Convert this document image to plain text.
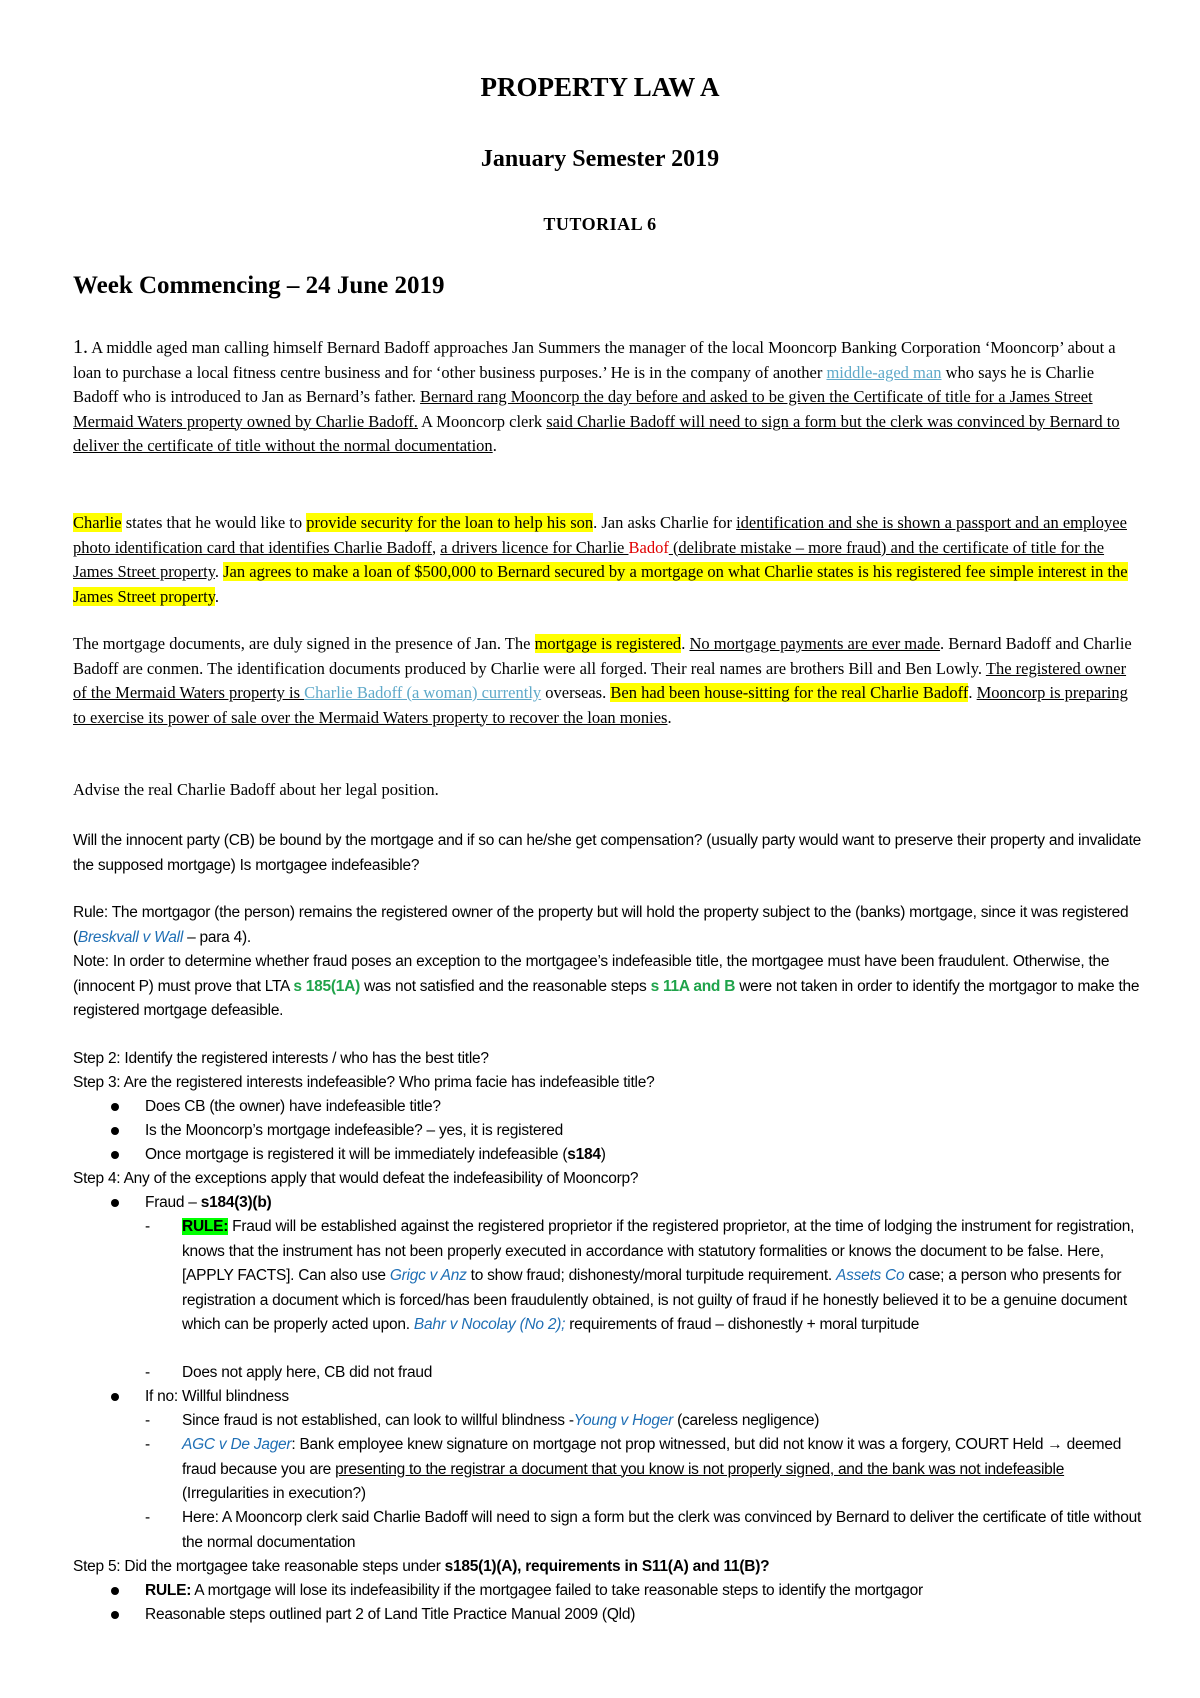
PROPERTY LAW A
January Semester 2019
TUTORIAL 6
Week Commencing – 24 June 2019
1. A middle aged man calling himself Bernard Badoff approaches Jan Summers the manager of the local Mooncorp Banking Corporation ‘Mooncorp’ about a loan to purchase a local fitness centre business and for ‘other business purposes.’ He is in the company of another middle-aged man who says he is Charlie Badoff who is introduced to Jan as Bernard’s father. Bernard rang Mooncorp the day before and asked to be given the Certificate of title for a James Street Mermaid Waters property owned by Charlie Badoff. A Mooncorp clerk said Charlie Badoff will need to sign a form but the clerk was convinced by Bernard to deliver the certificate of title without the normal documentation.
Charlie states that he would like to provide security for the loan to help his son. Jan asks Charlie for identification and she is shown a passport and an employee photo identification card that identifies Charlie Badoff, a drivers licence for Charlie Badof (delibrate mistake – more fraud) and the certificate of title for the James Street property. Jan agrees to make a loan of $500,000 to Bernard secured by a mortgage on what Charlie states is his registered fee simple interest in the James Street property.
The mortgage documents, are duly signed in the presence of Jan. The mortgage is registered. No mortgage payments are ever made. Bernard Badoff and Charlie Badoff are conmen. The identification documents produced by Charlie were all forged. Their real names are brothers Bill and Ben Lowly. The registered owner of the Mermaid Waters property is Charlie Badoff (a woman) currently overseas. Ben had been house-sitting for the real Charlie Badoff. Mooncorp is preparing to exercise its power of sale over the Mermaid Waters property to recover the loan monies.
Advise the real Charlie Badoff about her legal position.
Will the innocent party (CB) be bound by the mortgage and if so can he/she get compensation? (usually party would want to preserve their property and invalidate the supposed mortgage) Is mortgagee indefeasible?
Rule: The mortgagor (the person) remains the registered owner of the property but will hold the property subject to the (banks) mortgage, since it was registered (Breskvall v Wall – para 4).
Note: In order to determine whether fraud poses an exception to the mortgagee’s indefeasible title, the mortgagee must have been fraudulent. Otherwise, the (innocent P) must prove that LTA s 185(1A) was not satisfied and the reasonable steps s 11A and B were not taken in order to identify the mortgagor to make the registered mortgage defeasible.
Step 2: Identify the registered interests / who has the best title?
Step 3: Are the registered interests indefeasible? Who prima facie has indefeasible title?
Does CB (the owner) have indefeasible title?
Is the Mooncorp’s mortgage indefeasible? – yes, it is registered
Once mortgage is registered it will be immediately indefeasible (s184)
Step 4: Any of the exceptions apply that would defeat the indefeasibility of Mooncorp?
Fraud – s184(3)(b)
- RULE: Fraud will be established against the registered proprietor if the registered proprietor, at the time of lodging the instrument for registration, knows that the instrument has not been properly executed in accordance with statutory formalities or knows the document to be false. Here, [APPLY FACTS]. Can also use Grigc v Anz to show fraud; dishonesty/moral turpitude requirement. Assets Co case; a person who presents for registration a document which is forced/has been fraudulently obtained, is not guilty of fraud if he honestly believed it to be a genuine document which can be properly acted upon. Bahr v Nocolay (No 2); requirements of fraud – dishonestly + moral turpitude
- Does not apply here, CB did not fraud
If no: Willful blindness
- Since fraud is not established, can look to willful blindness -Young v Hoger (careless negligence)
- AGC v De Jager: Bank employee knew signature on mortgage not prop witnessed, but did not know it was a forgery, COURT Held → deemed fraud because you are presenting to the registrar a document that you know is not properly signed, and the bank was not indefeasible (Irregularities in execution?)
- Here: A Mooncorp clerk said Charlie Badoff will need to sign a form but the clerk was convinced by Bernard to deliver the certificate of title without the normal documentation
Step 5: Did the mortgagee take reasonable steps under s185(1)(A), requirements in S11(A) and 11(B)?
RULE: A mortgage will lose its indefeasibility if the mortgagee failed to take reasonable steps to identify the mortgagor
Reasonable steps outlined part 2 of Land Title Practice Manual 2009 (Qld)
